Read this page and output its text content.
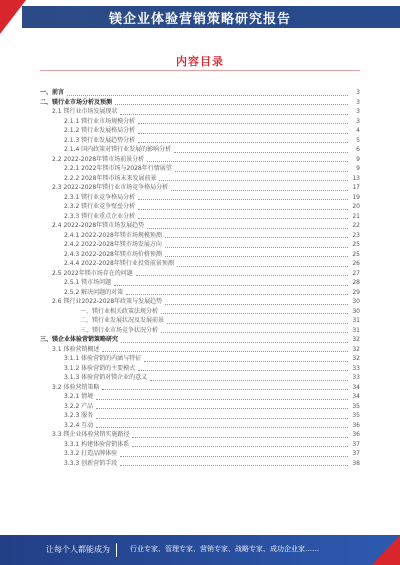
镁企业体验营销策略研究报告
内容目录
一、前言	3
二、镁行业市场分析及预测	3
2.1 镁行业市场发展现状	3
2.1.1 镁行业市场规模分析	3
2.1.2 镁行业发展格局分析	4
2.1.3 镁行业发展趋势分析	5
2.1.4 国内政策对镁行业发展的影响分析	6
2.2 2022-2028年镁市场前景分析	9
2.2.1 2022年镁市场与2028年行情展望	9
2.2.2 2028年镁市场未来发展前景	13
2.3 2022-2028年镁行业市场竞争格局分析	17
2.3.1 镁行业竞争格局分析	19
2.3.2 镁行业竞争壁垒分析	20
2.3.3 镁行业重点企业分析	21
2.4 2022-2028年镁市场发展趋势	22
2.4.1 2022-2028年镁市场规模预测	23
2.4.2 2022-2028年镁市场发展方向	25
2.4.3 2022-2028年镁市场价格预测	25
2.4.4 2022-2028年镁行业投资前景预测	26
2.5 2022年镁市场存在的问题	27
2.5.1 镁市场问题	28
2.5.2 解决问题的对策	29
2.6 镁行业2022-2028年政策与发展趋势	30
一、镁行业相关政策法规分析	30
二、镁行业发展状况及发展前景	31
三、镁行业市场竞争状况分析	31
三、镁企业体验营销策略研究	32
3.1 体验营销概述	32
3.1.1 体验营销的内涵与特征	32
3.1.2 体验营销的主要模式	33
3.1.3 体验营销对镁企业的意义	33
3.2 体验营销策略	34
3.2.1 情境	34
3.2.2 产品	35
3.2.3 服务	35
3.2.4 互动	36
3.3 镁企业体验营销实施路径	36
3.3.1 构建体验营销体系	37
3.3.2 打造品牌体验	37
3.3.3 创新营销手段	38
让每个人都能成为	行业专家、管理专家、营销专家、战略专家、成功企业家……
